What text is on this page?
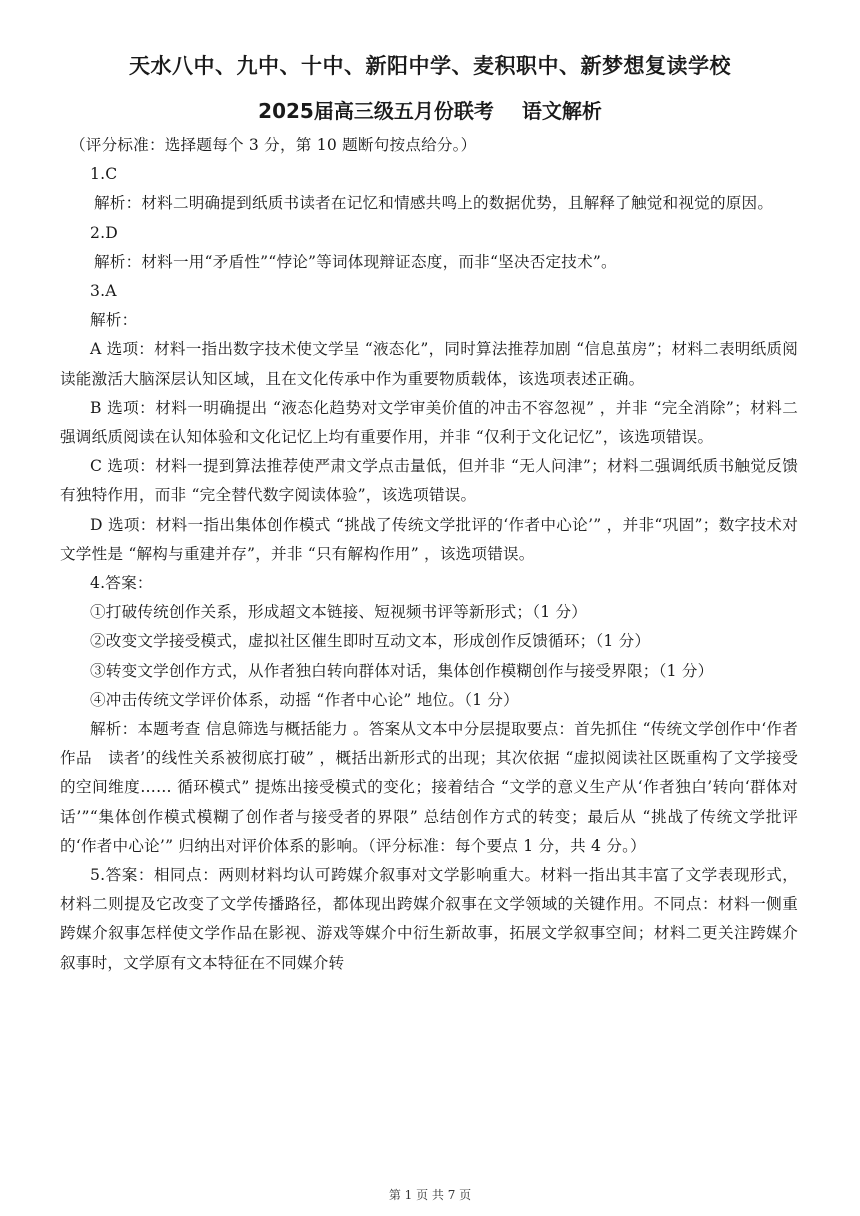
天水八中、九中、十中、新阳中学、麦积职中、新梦想复读学校
2025届高三级五月份联考 语文解析

（评分标准：选择题每个 3 分，第 10 题断句按点给分。）

1.C

解析：材料二明确提到纸质书读者在记忆和情感共鸣上的数据优势，且解释了触觉和视觉的原因。

2.D

解析：材料一用“矛盾性”“悖论”等词体现辩证态度，而非“坚决否定技术”。

3.A

解析：

A 选项：材料一指出数字技术使文学呈 “液态化”，同时算法推荐加剧 “信息茧房”；材料二表明纸质阅读能激活大脑深层认知区域，且在文化传承中作为重要物质载体，该选项表述正确。

B 选项：材料一明确提出 “液态化趋势对文学审美价值的冲击不容忽视” ，并非 “完全消除”；材料二强调纸质阅读在认知体验和文化记忆上均有重要作用，并非 “仅利于文化记忆”，该选项错误。

C 选项：材料一提到算法推荐使严肃文学点击量低，但并非 “无人问津”；材料二强调纸质书触觉反馈有独特作用，而非 “完全替代数字阅读体验”，该选项错误。

D 选项：材料一指出集体创作模式 “挑战了传统文学批评的‘作者中心论’” ，并非“巩固”；数字技术对文学性是 “解构与重建并存”，并非 “只有解构作用” ，该选项错误。

4.答案：

①打破传统创作关系，形成超文本链接、短视频书评等新形式；（1 分）

②改变文学接受模式，虚拟社区催生即时互动文本，形成创作反馈循环；（1 分）

③转变文学创作方式，从作者独白转向群体对话，集体创作模糊创作与接受界限；（1 分）

④冲击传统文学评价体系，动摇 “作者中心论” 地位。（1 分）

解析：本题考查 信息筛选与概括能力 。答案从文本中分层提取要点：首先抓住 “传统文学创作中‘作者　作品　读者’的线性关系被彻底打破” ，概括出新形式的出现；其次依据 “虚拟阅读社区既重构了文学接受的空间维度…… 循环模式” 提炼出接受模式的变化；接着结合 “文学的意义生产从‘作者独白’转向‘群体对话’”“集体创作模式模糊了创作者与接受者的界限” 总结创作方式的转变；最后从 “挑战了传统文学批评的‘作者中心论’” 归纳出对评价体系的影响。（评分标准：每个要点 1 分，共 4 分。）

5.答案：相同点：两则材料均认可跨媒介叙事对文学影响重大。材料一指出其丰富了文学表现形式，材料二则提及它改变了文学传播路径，都体现出跨媒介叙事在文学领域的关键作用。不同点：材料一侧重跨媒介叙事怎样使文学作品在影视、游戏等媒介中衍生新故事，拓展文学叙事空间；材料二更关注跨媒介叙事时，文学原有文本特征在不同媒介转

第 1 页 共 7 页
